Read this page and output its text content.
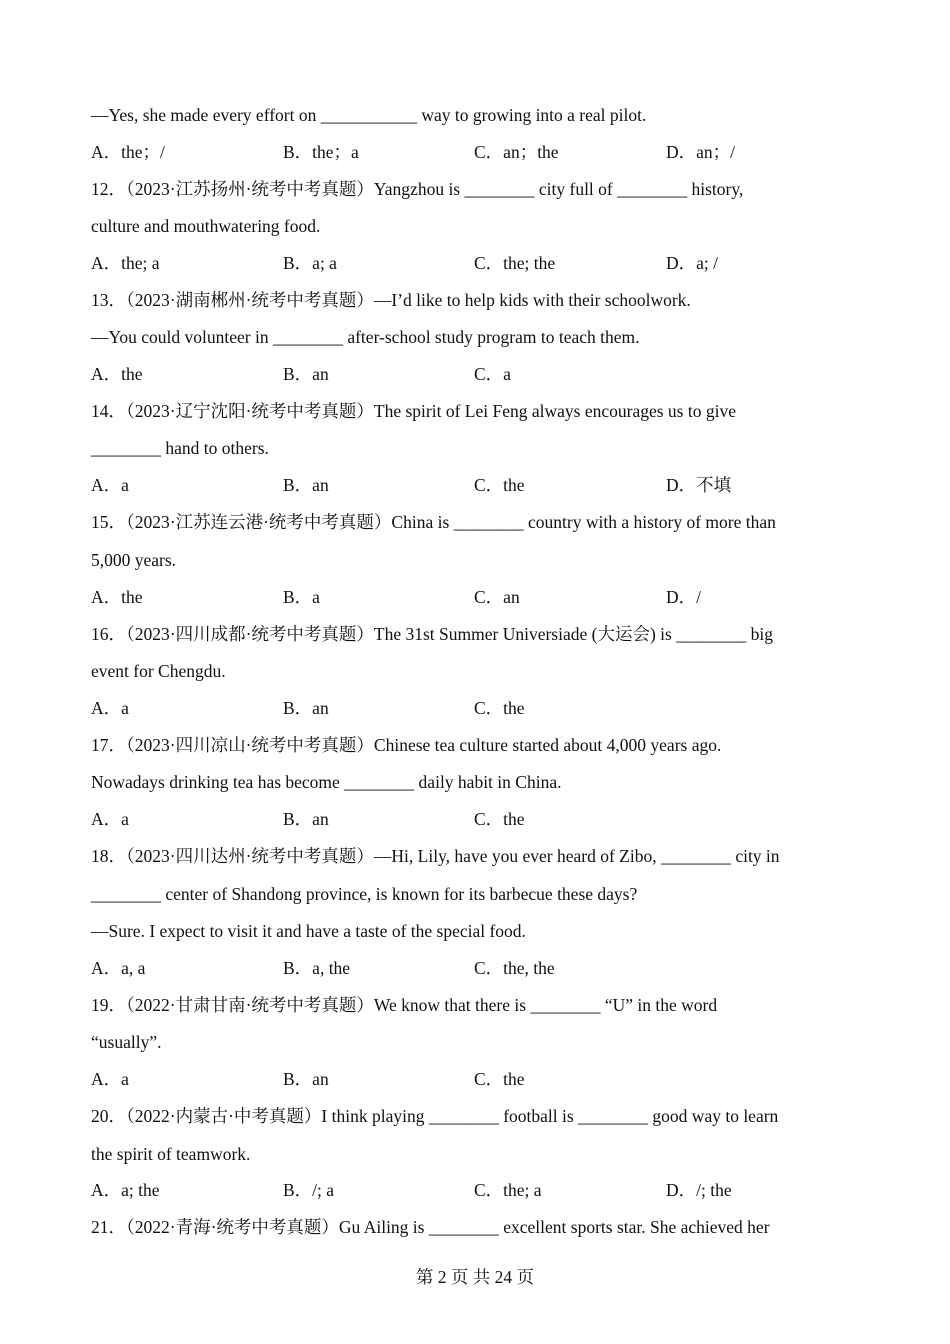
—Yes, she made every effort on ___________ way to growing into a real pilot.
A．the；/	B．the；a	C．an；the	D．an；/
12．（2023·江苏扬州·统考中考真题）Yangzhou is ________ city full of ________ history,
culture and mouthwatering food.
A．the; a	B．a; a	C．the; the	D．a; /
13．（2023·湖南郴州·统考中考真题）—I’d like to help kids with their schoolwork.
—You could volunteer in ________ after-school study program to teach them.
A．the	B．an	C．a
14．（2023·辽宁沈阳·统考中考真题）The spirit of Lei Feng always encourages us to give
________ hand to others.
A．a	B．an	C．the	D．不填
15．（2023·江苏连云港·统考中考真题）China is ________ country with a history of more than
5,000 years.
A．the	B．a	C．an	D．/
16．（2023·四川成都·统考中考真题）The 31st Summer Universiade (大运会) is ________ big
event for Chengdu.
A．a	B．an	C．the
17．（2023·四川凉山·统考中考真题）Chinese tea culture started about 4,000 years ago.
Nowadays drinking tea has become ________ daily habit in China.
A．a	B．an	C．the
18．（2023·四川达州·统考中考真题）—Hi, Lily, have you ever heard of Zibo, ________ city in
________ center of Shandong province, is known for its barbecue these days?
—Sure. I expect to visit it and have a taste of the special food.
A．a, a	B．a, the	C．the, the
19．（2022·甘肃甘南·统考中考真题）We know that there is ________ “U” in the word
“usually”.
A．a	B．an	C．the
20．（2022·内蒙古·中考真题）I think playing ________ football is ________ good way to learn
the spirit of teamwork.
A．a; the	B．/; a	C．the; a	D．/; the
21．（2022·青海·统考中考真题）Gu Ailing is ________ excellent sports star. She achieved her
第 2 页 共 24 页
